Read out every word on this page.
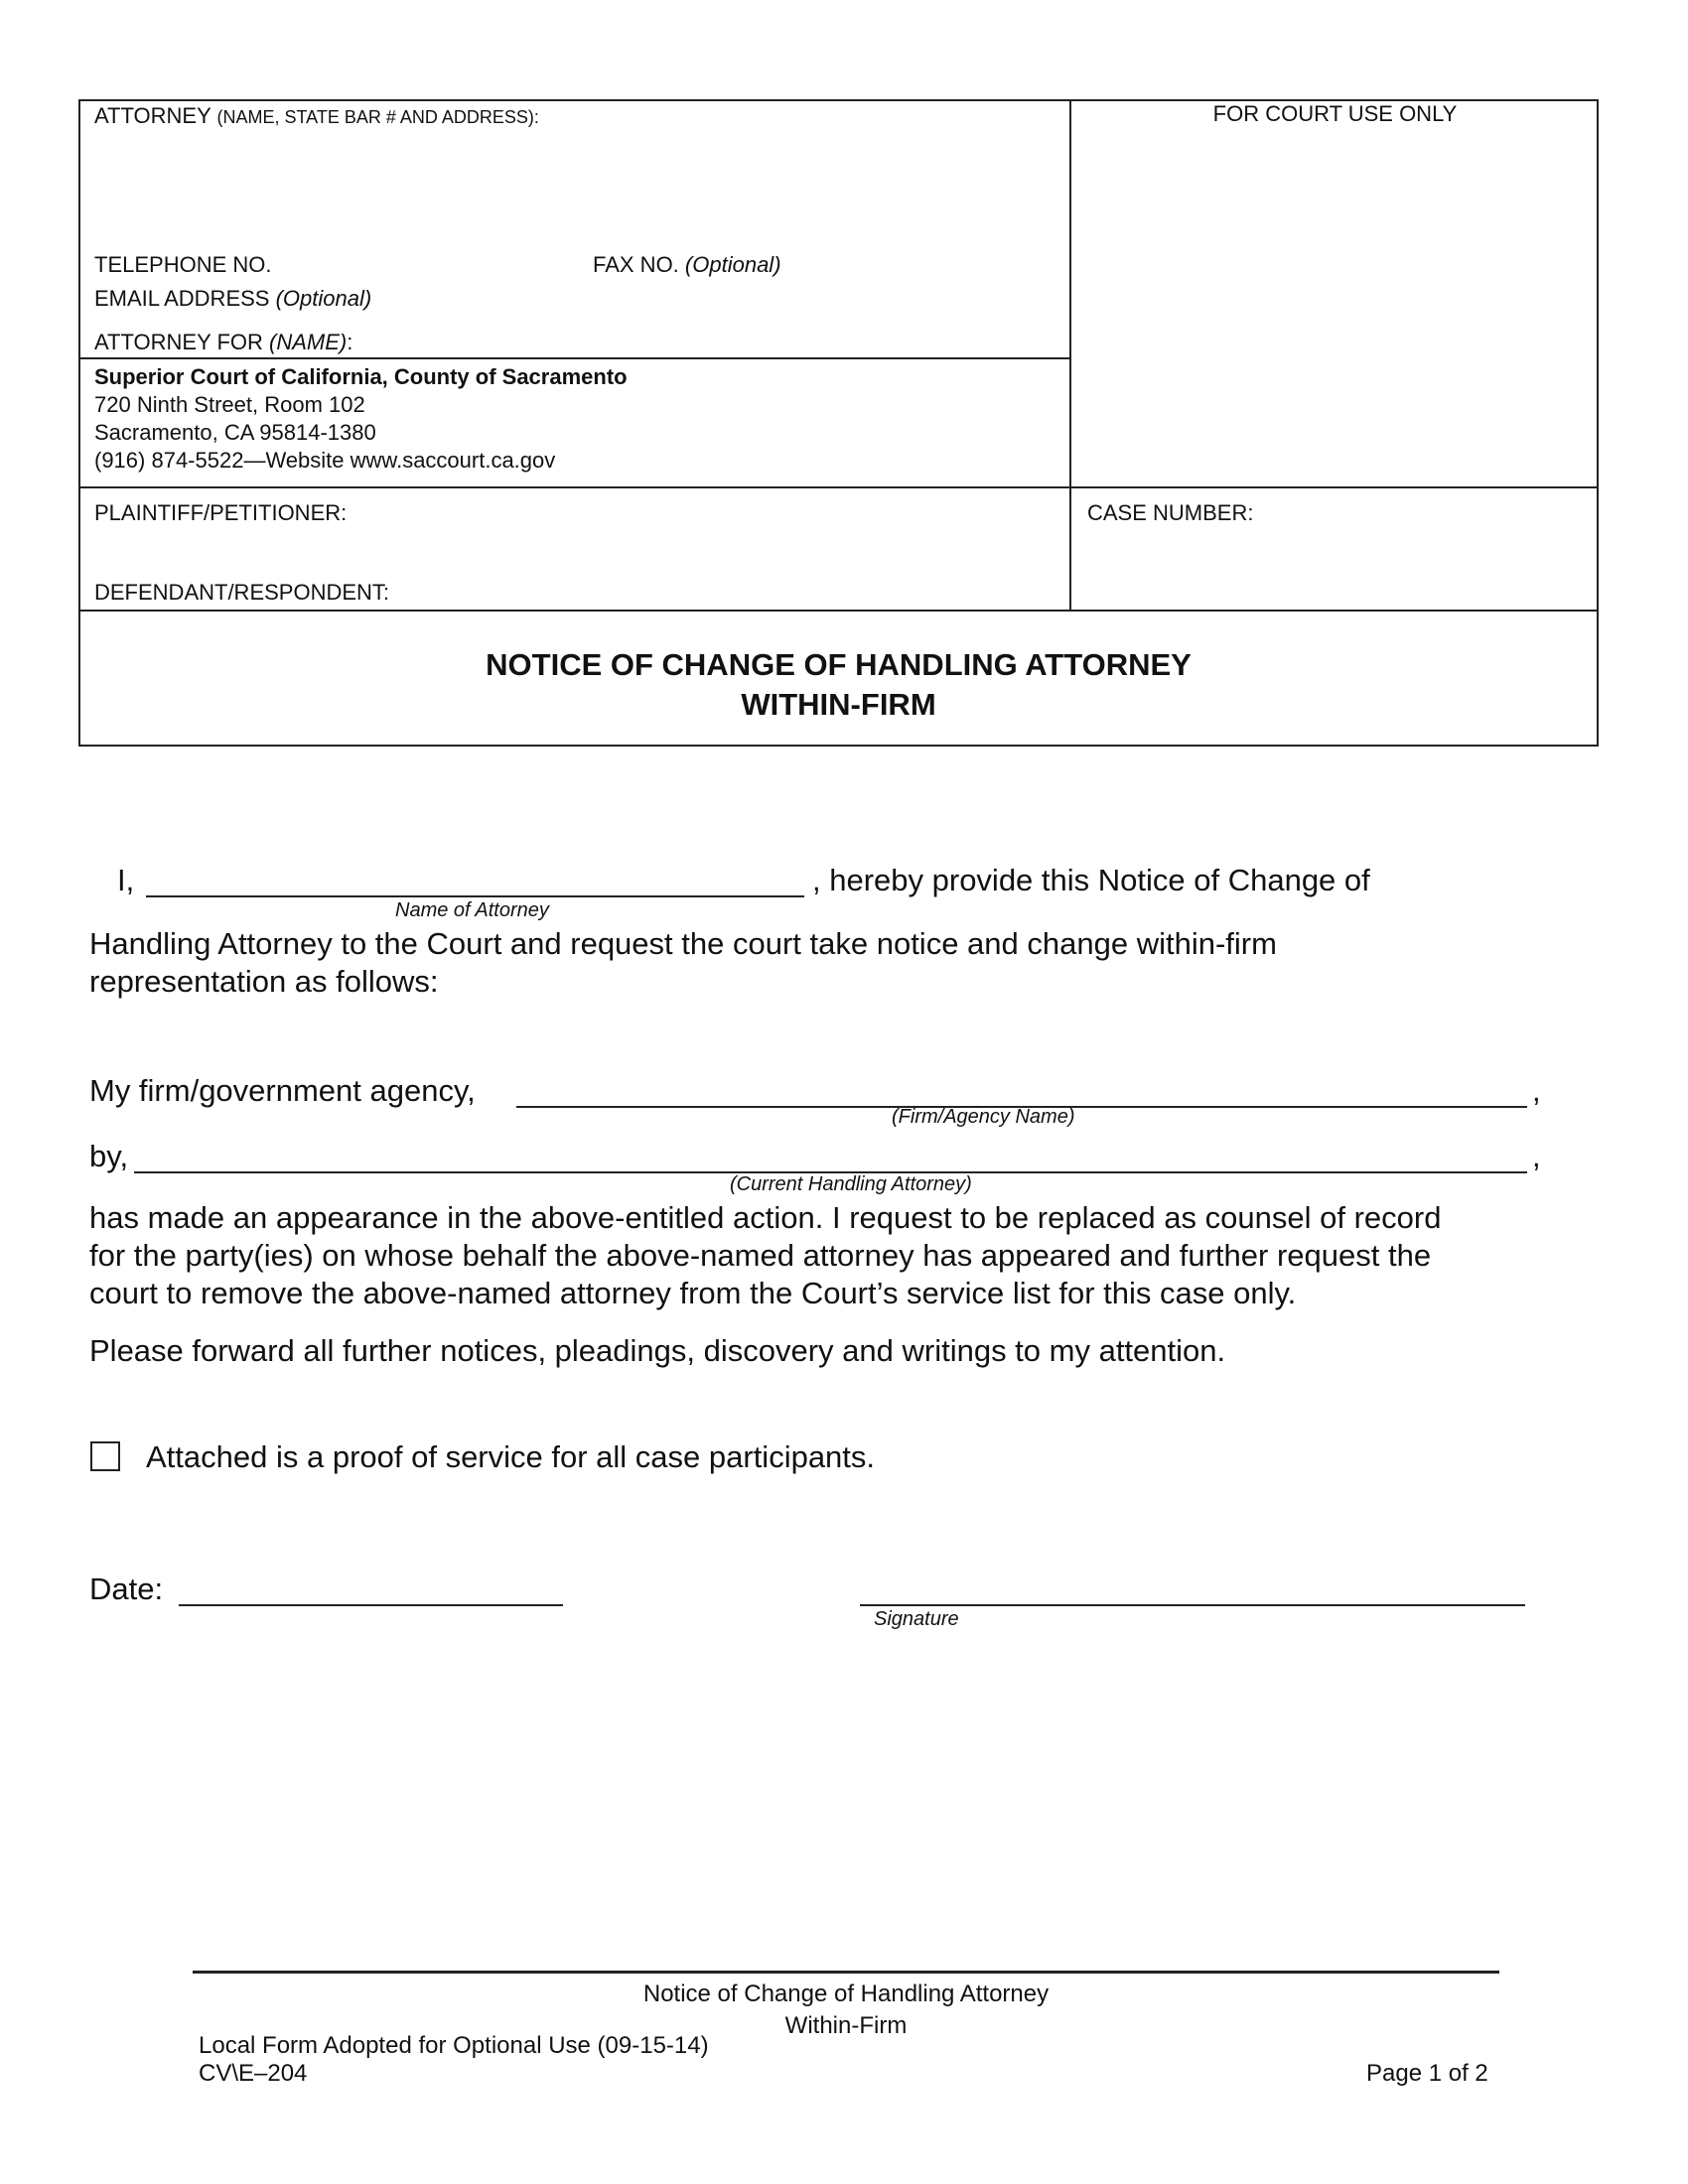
ATTORNEY (NAME, STATE BAR # AND ADDRESS):	FOR COURT USE ONLY
TELEPHONE NO.	FAX NO. (Optional)
EMAIL ADDRESS (Optional)
ATTORNEY FOR (NAME):
Superior Court of California, County of Sacramento
720 Ninth Street, Room 102
Sacramento, CA 95814-1380
(916) 874-5522—Website www.saccourt.ca.gov
PLAINTIFF/PETITIONER:
DEFENDANT/RESPONDENT:
CASE NUMBER:
NOTICE OF CHANGE OF HANDLING ATTORNEY
WITHIN-FIRM
I,	, hereby provide this Notice of Change of
Name of Attorney
Handling Attorney to the Court and request the court take notice and change within-firm
representation as follows:
My firm/government agency,	,
(Firm/Agency Name)
by,	,
(Current Handling Attorney)
has made an appearance in the above-entitled action. I request to be replaced as counsel of record
for the party(ies) on whose behalf the above-named attorney has appeared and further request the
court to remove the above-named attorney from the Court’s service list for this case only.
Please forward all further notices, pleadings, discovery and writings to my attention.
Attached is a proof of service for all case participants.
Date:
Signature
Notice of Change of Handling Attorney
Within-Firm
Local Form Adopted for Optional Use (09-15-14)
CV\E–204	Page 1 of 2
